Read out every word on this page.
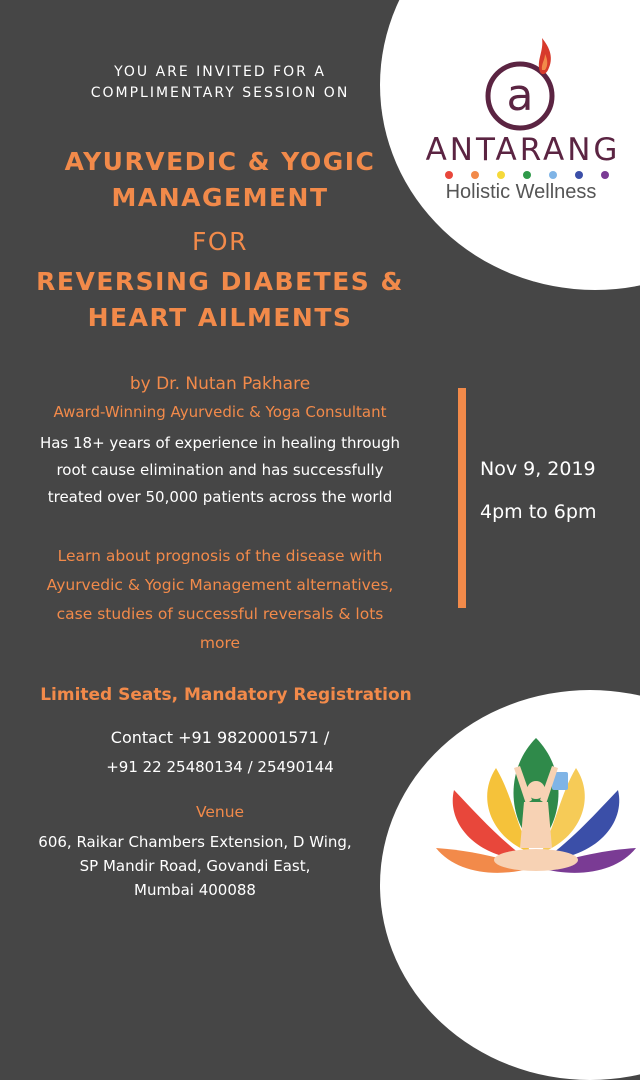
a
ANTARANG
Holistic Wellness
YOU ARE INVITED FOR A
COMPLIMENTARY SESSION ON
AYURVEDIC & YOGIC
MANAGEMENT
FOR
REVERSING DIABETES &
HEART AILMENTS
by Dr. Nutan Pakhare
Award-Winning Ayurvedic & Yoga Consultant
Has 18+ years of experience in healing through
root cause elimination and has successfully
treated over 50,000 patients across the world
Nov 9, 2019
4pm to 6pm
Learn about prognosis of the disease with
Ayurvedic & Yogic Management alternatives,
case studies of successful reversals & lots
more
Limited Seats, Mandatory Registration
Contact +91 9820001571 /
+91 22 25480134 / 25490144
Venue
606, Raikar Chambers Extension, D Wing,
SP Mandir Road, Govandi East,
Mumbai 400088
